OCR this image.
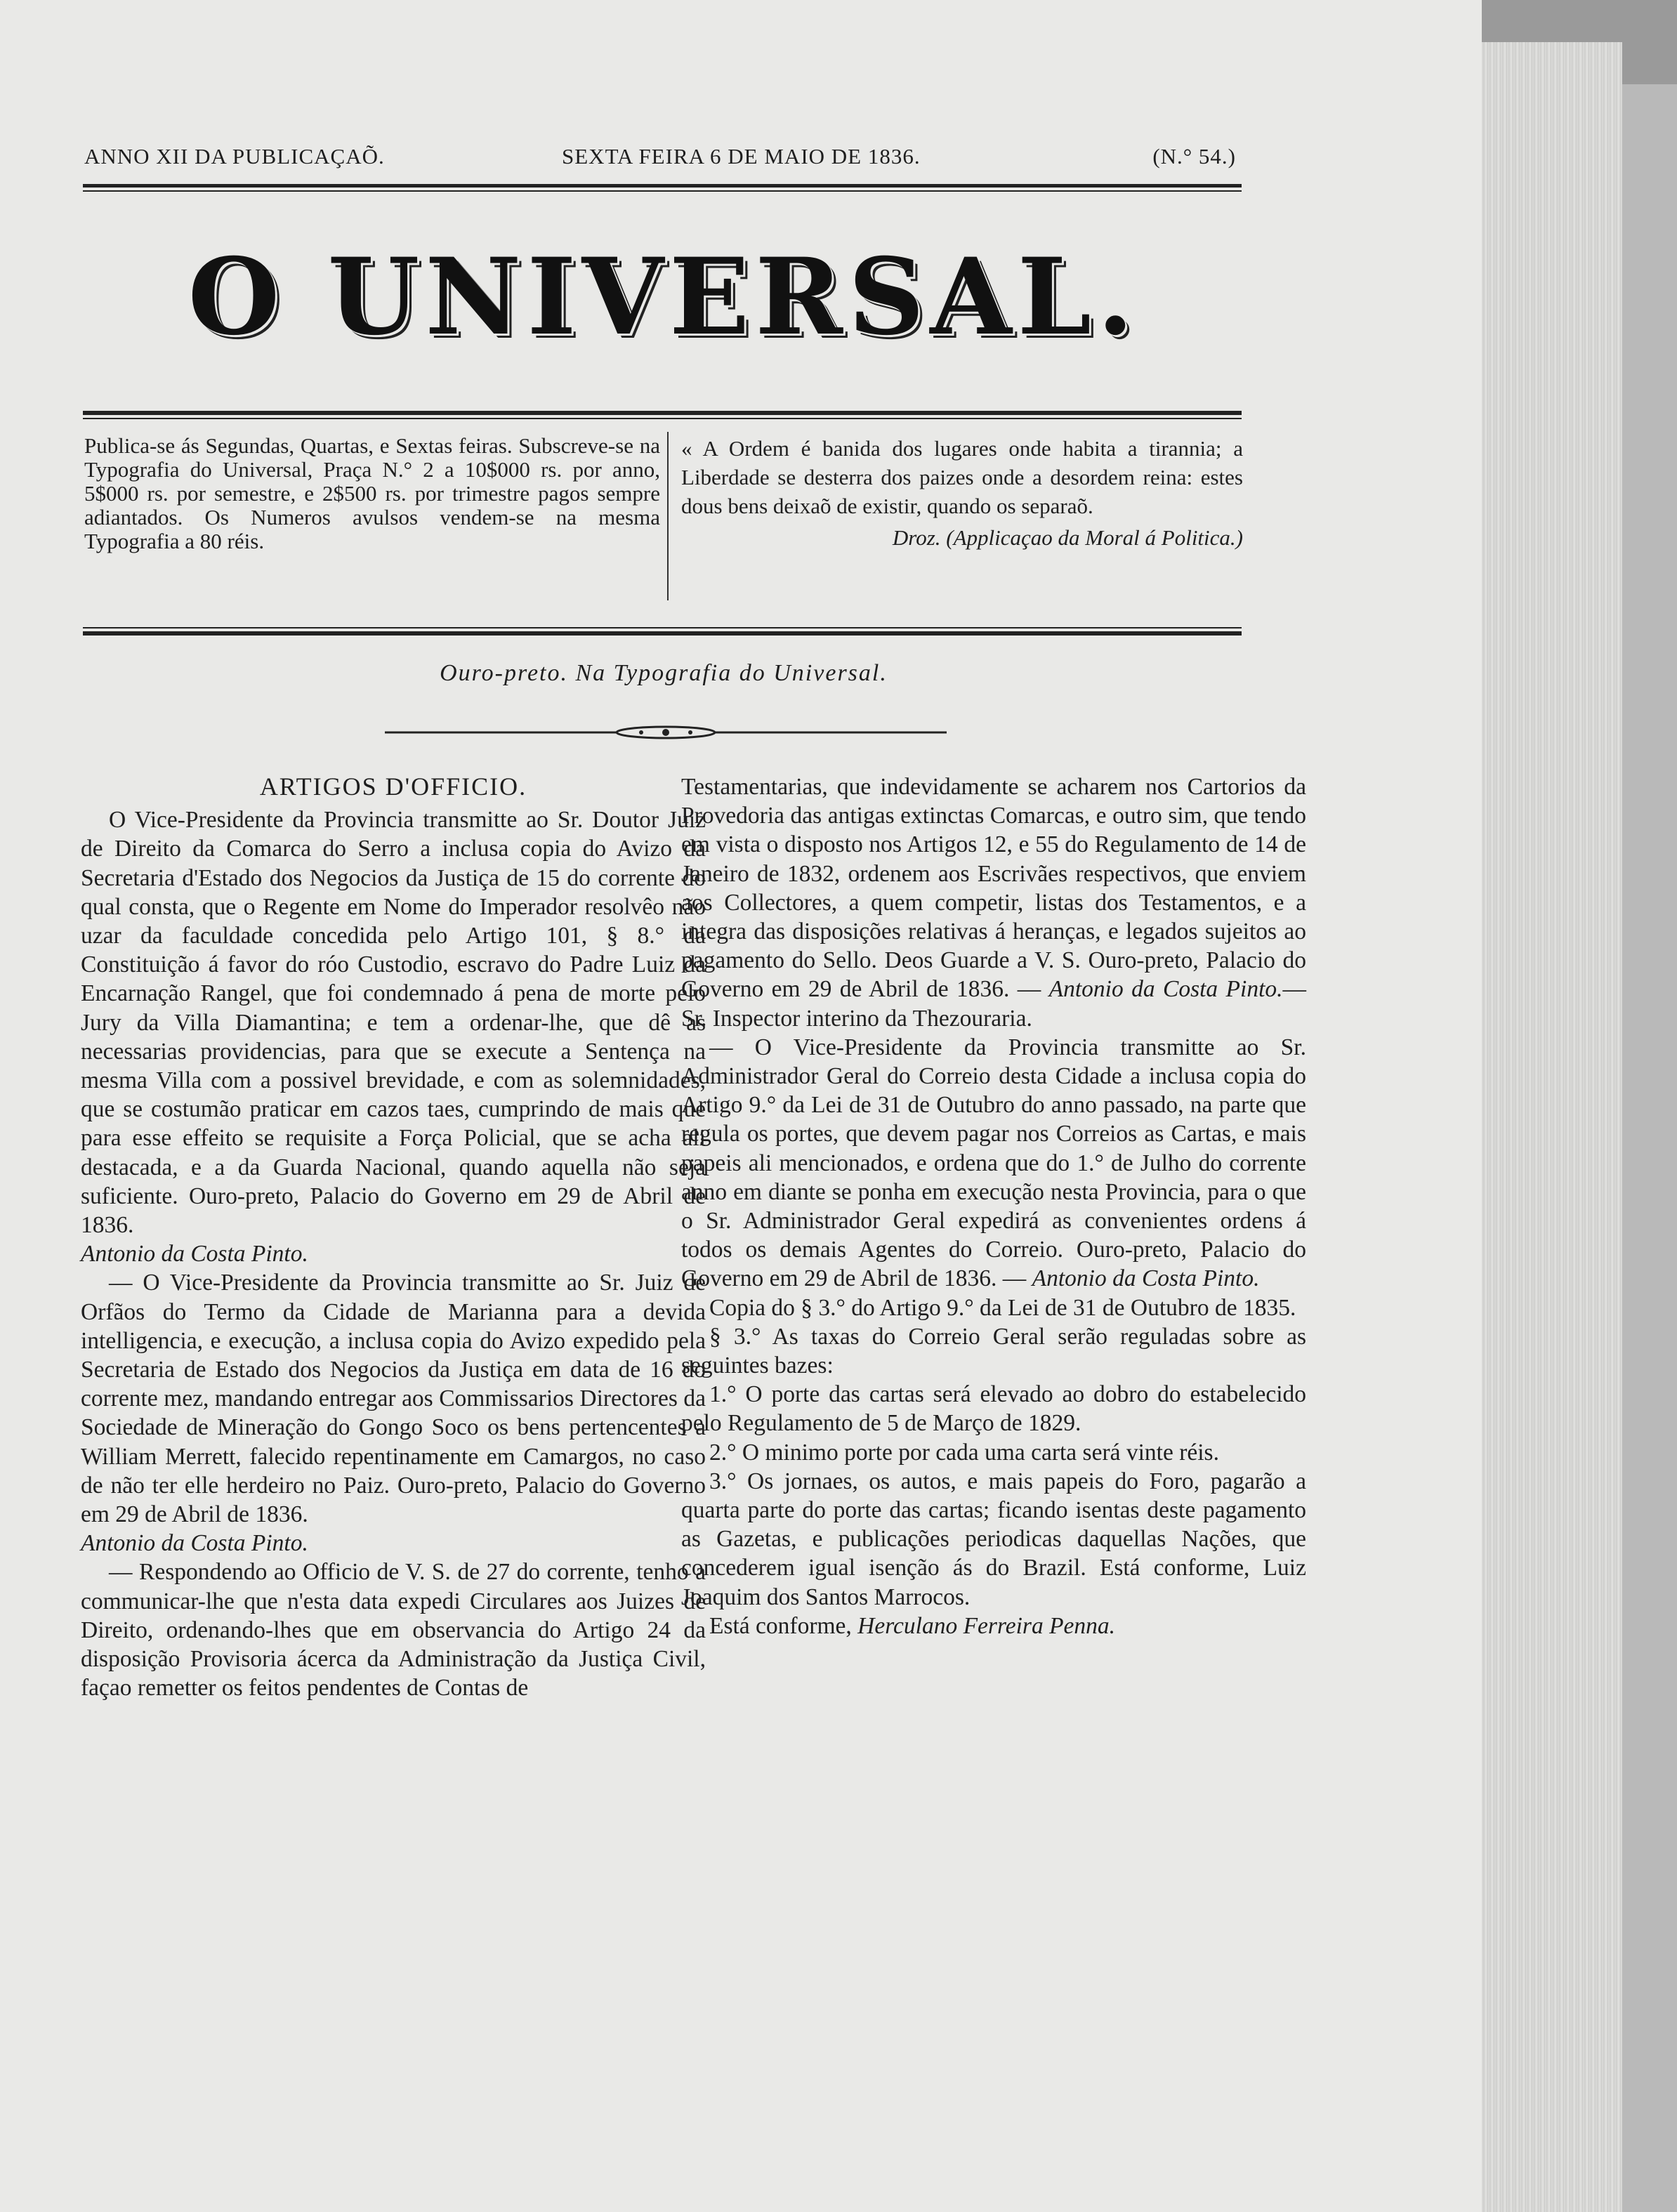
ANNO XII DA PUBLICAÇAÕ.	SEXTA FEIRA 6 DE MAIO DE 1836.	(N.° 54.)
O UNIVERSAL.
Publica-se ás Segundas, Quartas, e Sextas feiras. Subscreve-se na Typografia do Universal, Praça N.° 2 a 10$000 rs. por anno, 5$000 rs. por semestre, e 2$500 rs. por trimestre pagos sempre adiantados. Os Numeros avulsos vendem-se na mesma Typografia a 80 réis.
« A Ordem é banida dos lugares onde habita a tirannia; a Liberdade se desterra dos paizes onde a desordem reina: estes dous bens deixaõ de existir, quando os separaõ.
Droz. (Applicaçao da Moral á Politica.)
Ouro-preto. Na Typografia do Universal.
ARTIGOS D'OFFICIO.

O Vice-Presidente da Provincia transmitte ao Sr. Doutor Juiz de Direito da Comarca do Serro a inclusa copia do Avizo da Secretaria d'Estado dos Negocios da Justiça de 15 do corrente do qual consta, que o Regente em Nome do Imperador resolvêo não uzar da faculdade concedida pelo Artigo 101, § 8.° da Constituição á favor do róo Custodio, escravo do Padre Luiz da Encarnação Rangel, que foi condemnado á pena de morte pelo Jury da Villa Diamantina; e tem a ordenar-lhe, que dê as necessarias providencias, para que se execute a Sentença na mesma Villa com a possivel brevidade, e com as solemnidades, que se costumão praticar em cazos taes, cumprindo de mais que para esse effeito se requisite a Força Policial, que se acha ali destacada, e a da Guarda Nacional, quando aquella não seja suficiente. Ouro-preto, Palacio do Governo em 29 de Abril de 1836.

Antonio da Costa Pinto.

— O Vice-Presidente da Provincia transmitte ao Sr. Juiz de Orfãos do Termo da Cidade de Marianna para a devida intelligencia, e execução, a inclusa copia do Avizo expedido pela Secretaria de Estado dos Negocios da Justiça em data de 16 do corrente mez, mandando entregar aos Commissarios Directores da Sociedade de Mineração do Gongo Soco os bens pertencentes a William Merrett, falecido repentinamente em Camargos, no caso de não ter elle herdeiro no Paiz. Ouro-preto, Palacio do Governo em 29 de Abril de 1836.

Antonio da Costa Pinto.

— Respondendo ao Officio de V. S. de 27 do corrente, tenho a communicar-lhe que n'esta data expedi Circulares aos Juizes de Direito, ordenando-lhes que em observancia do Artigo 24 da disposição Provisoria ácerca da Administração da Justiça Civil, façao remetter os feitos pendentes de Contas de

Testamentarias, que indevidamente se acharem nos Cartorios da Provedoria das antigas extinctas Comarcas, e outro sim, que tendo em vista o disposto nos Artigos 12, e 55 do Regulamento de 14 de Janeiro de 1832, ordenem aos Escrivães respectivos, que enviem aos Collectores, a quem competir, listas dos Testamentos, e a integra das disposições relativas á heranças, e legados sujeitos ao pagamento do Sello. Deos Guarde a V. S. Ouro-preto, Palacio do Governo em 29 de Abril de 1836. — Antonio da Costa Pinto.—Sr. Inspector interino da Thezouraria.

— O Vice-Presidente da Provincia transmitte ao Sr. Administrador Geral do Correio desta Cidade a inclusa copia do Artigo 9.° da Lei de 31 de Outubro do anno passado, na parte que regula os portes, que devem pagar nos Correios as Cartas, e mais papeis ali mencionados, e ordena que do 1.° de Julho do corrente anno em diante se ponha em execução nesta Provincia, para o que o Sr. Administrador Geral expedirá as convenientes ordens á todos os demais Agentes do Correio. Ouro-preto, Palacio do Governo em 29 de Abril de 1836. — Antonio da Costa Pinto.

Copia do § 3.° do Artigo 9.° da Lei de 31 de Outubro de 1835.

§ 3.° As taxas do Correio Geral serão reguladas sobre as seguintes bazes:

1.° O porte das cartas será elevado ao dobro do estabelecido pelo Regulamento de 5 de Março de 1829.

2.° O minimo porte por cada uma carta será vinte réis.

3.° Os jornaes, os autos, e mais papeis do Foro, pagarão a quarta parte do porte das cartas; ficando isentas deste pagamento as Gazetas, e publicações periodicas daquellas Nações, que concederem igual isenção ás do Brazil. Está conforme, Luiz Joaquim dos Santos Marrocos.

Está conforme, Herculano Ferreira Penna.
